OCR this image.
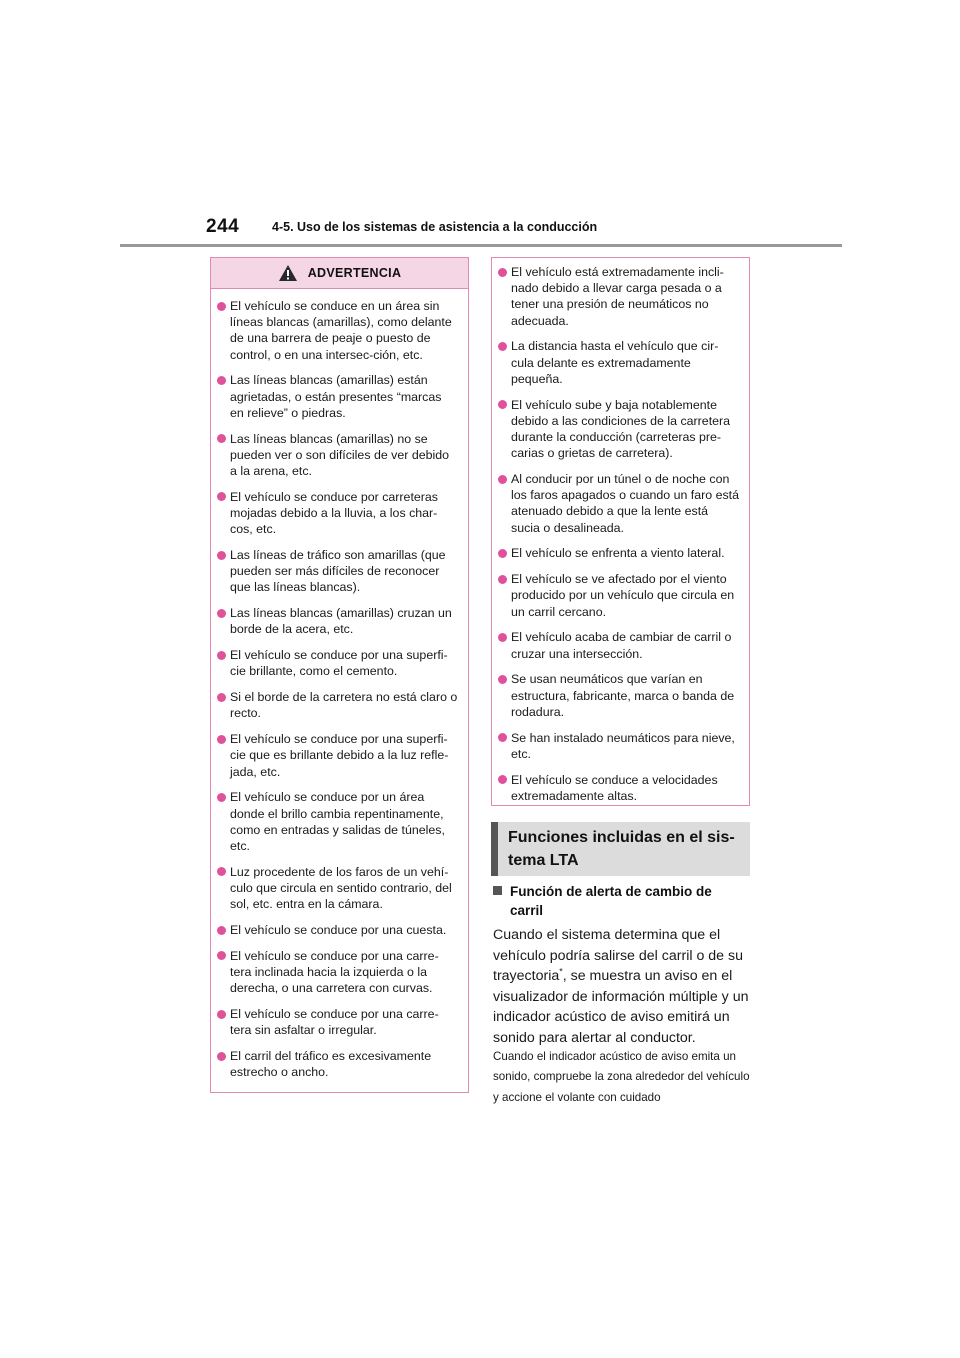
244	4-5. Uso de los sistemas de asistencia a la conducción
ADVERTENCIA
El vehículo se conduce en un área sin líneas blancas (amarillas), como delante de una barrera de peaje o puesto de control, o en una intersec-ción, etc.
Las líneas blancas (amarillas) están agrietadas, o están presentes “marcas en relieve” o piedras.
Las líneas blancas (amarillas) no se pueden ver o son difíciles de ver debido a la arena, etc.
El vehículo se conduce por carreteras mojadas debido a la lluvia, a los char-cos, etc.
Las líneas de tráfico son amarillas (que pueden ser más difíciles de reconocer que las líneas blancas).
Las líneas blancas (amarillas) cruzan un borde de la acera, etc.
El vehículo se conduce por una superfi-cie brillante, como el cemento.
Si el borde de la carretera no está claro o recto.
El vehículo se conduce por una superfi-cie que es brillante debido a la luz refle-jada, etc.
El vehículo se conduce por un área donde el brillo cambia repentinamente, como en entradas y salidas de túneles, etc.
Luz procedente de los faros de un vehí-culo que circula en sentido contrario, del sol, etc. entra en la cámara.
El vehículo se conduce por una cuesta.
El vehículo se conduce por una carre-tera inclinada hacia la izquierda o la derecha, o una carretera con curvas.
El vehículo se conduce por una carre-tera sin asfaltar o irregular.
El carril del tráfico es excesivamente estrecho o ancho.
El vehículo está extremadamente incli-nado debido a llevar carga pesada o a tener una presión de neumáticos no adecuada.
La distancia hasta el vehículo que cir-cula delante es extremadamente pequeña.
El vehículo sube y baja notablemente debido a las condiciones de la carretera durante la conducción (carreteras pre-carias o grietas de carretera).
Al conducir por un túnel o de noche con los faros apagados o cuando un faro está atenuado debido a que la lente está sucia o desalineada.
El vehículo se enfrenta a viento lateral.
El vehículo se ve afectado por el viento producido por un vehículo que circula en un carril cercano.
El vehículo acaba de cambiar de carril o cruzar una intersección.
Se usan neumáticos que varían en estructura, fabricante, marca o banda de rodadura.
Se han instalado neumáticos para nieve, etc.
El vehículo se conduce a velocidades extremadamente altas.
Funciones incluidas en el sis-tema LTA
Función de alerta de cambio de
carril
Cuando el sistema determina que el vehículo podría salirse del carril o de su trayectoria*, se muestra un aviso en el visualizador de información múltiple y un indicador acústico de aviso emitirá un sonido para alertar al conductor.
Cuando el indicador acústico de aviso emita un sonido, compruebe la zona alrededor del vehículo y accione el volante con cuidado
